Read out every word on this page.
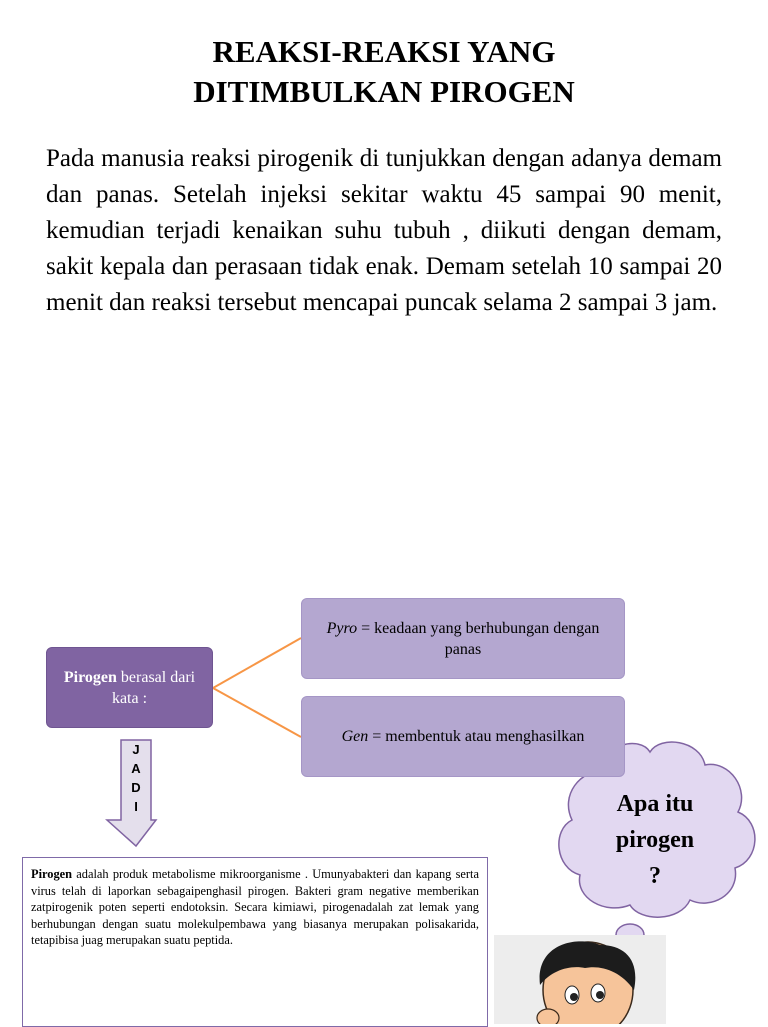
REAKSI-REAKSI YANG
DITIMBULKAN PIROGEN

Pada manusia reaksi pirogenik di tunjukkan dengan adanya demam dan panas. Setelah injeksi sekitar waktu 45 sampai 90 menit, kemudian terjadi kenaikan suhu tubuh , diikuti dengan demam, sakit kepala dan perasaan tidak enak. Demam setelah 10 sampai 20 menit dan reaksi tersebut mencapai puncak selama 2 sampai 3 jam.

Pirogen berasal dari kata :
Pyro = keadaan yang berhubungan dengan panas
Gen = membentuk atau menghasilkan
J
A
D
I

Pirogen adalah produk metabolisme mikroorganisme . Umunyabakteri dan kapang serta virus telah di laporkan sebagaipenghasil pirogen. Bakteri gram negative memberikan zatpirogenik poten seperti endotoksin. Secara kimiawi, pirogenadalah zat lemak yang berhubungan dengan suatu molekulpembawa yang biasanya merupakan polisakarida, tetapibisa juag merupakan suatu peptida.

Apa itu
pirogen
?
